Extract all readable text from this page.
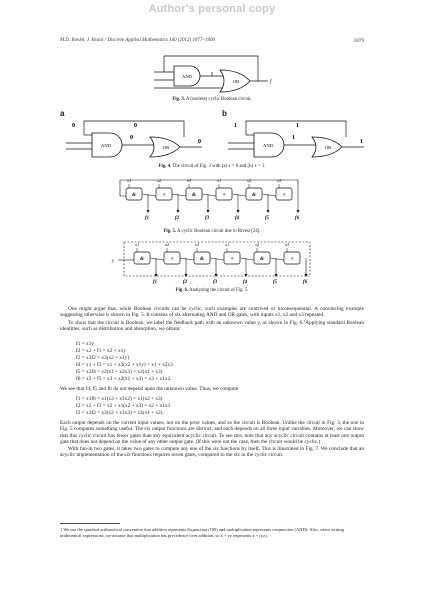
Author's personal copy
M.D. Riedel, J. Bruck / Discrete Applied Mathematics 160 (2012) 1877–1900	1879
AND
OR	f
Fig. 3. A (useless) cyclic Boolean circuit.
a
AND	OR
0
0
0
0
b
AND	OR
1
1
1
1
Fig. 4. The circuit of Fig. 3 with (a) x = 0 and (b) x = 1.
x1
&
f1
x2
+
f2
x3
&
f3
x1
+
f4
x2
&
f5
x3
+
f6
Fig. 5. A cyclic Boolean circuit due to Rivest [24].
y
x1
&
f1
x2
+
f2
x3
&
f3
x1
+
f4
x2
&
f5
x3
+
f6
Fig. 6. Analyzing the circuit of Fig. 5.

One might argue that, while Boolean circuits can be cyclic, such examples are contrived or inconsequential. A convincing example suggesting otherwise is shown in Fig. 5. It consists of six alternating AND and OR gates, with inputs x1, x2 and x3 repeated.

To show that the circuit is Boolean, we label the feedback path with an unknown value y, as shown in Fig. 6.¹Applying standard Boolean identities, such as distribution and absorption, we obtain:

f1 = x1y
f2 = x2 + f1 = x2 + x1y
f3 = x3f2 = x3(x2 + x1y)
f4 = x1 + f3 = x1 + x3(x2 + x1y) = x1 + x2x3
f5 = x2f4 = x2(x1 + x2x3) = x2(x1 + x3)
f6 = x3 + f5 = x3 + x2(x1 + x3) = x3 + x1x2.

We see that f4, f5 and f6 do not depend upon the unknown value. Thus, we compute

f1 = x1f6 = x1(x3 + x1x2) = x1(x2 + x3)
f2 = x2 + f1 = x2 + x1(x2 + x3) = x2 + x1x3
f3 = x3f2 = x3(x2 + x1x3) = x3(x1 + x2).

Each output depends on the current input values, not on the prior values, and so the circuit is Boolean. Unlike the circuit in Fig. 3, the one in Fig. 5 computes something useful. The six output functions are distinct, and each depends on all three input variables. Moreover, we can show that this cyclic circuit has fewer gates than any equivalent acyclic circuit. To see this, note that any acyclic circuit contains at least one output gate that does not depend on the value of any other output gate. (If this were not the case, then the circuit would be cyclic.)

With fan-in two gates, it takes two gates to compute any one of the six functions by itself. This is illustrated in Fig. 7. We conclude that an acyclic implementation of the six functions requires seven gates, compared to the six in the cyclic circuit.

1 We use the standard arithmetical convention that addition represents disjunction (OR) and multiplication represents conjunction (AND). Also, when writing arithmetical expressions, we assume that multiplication has precedence over addition, so x + yz represents x + (yz).
